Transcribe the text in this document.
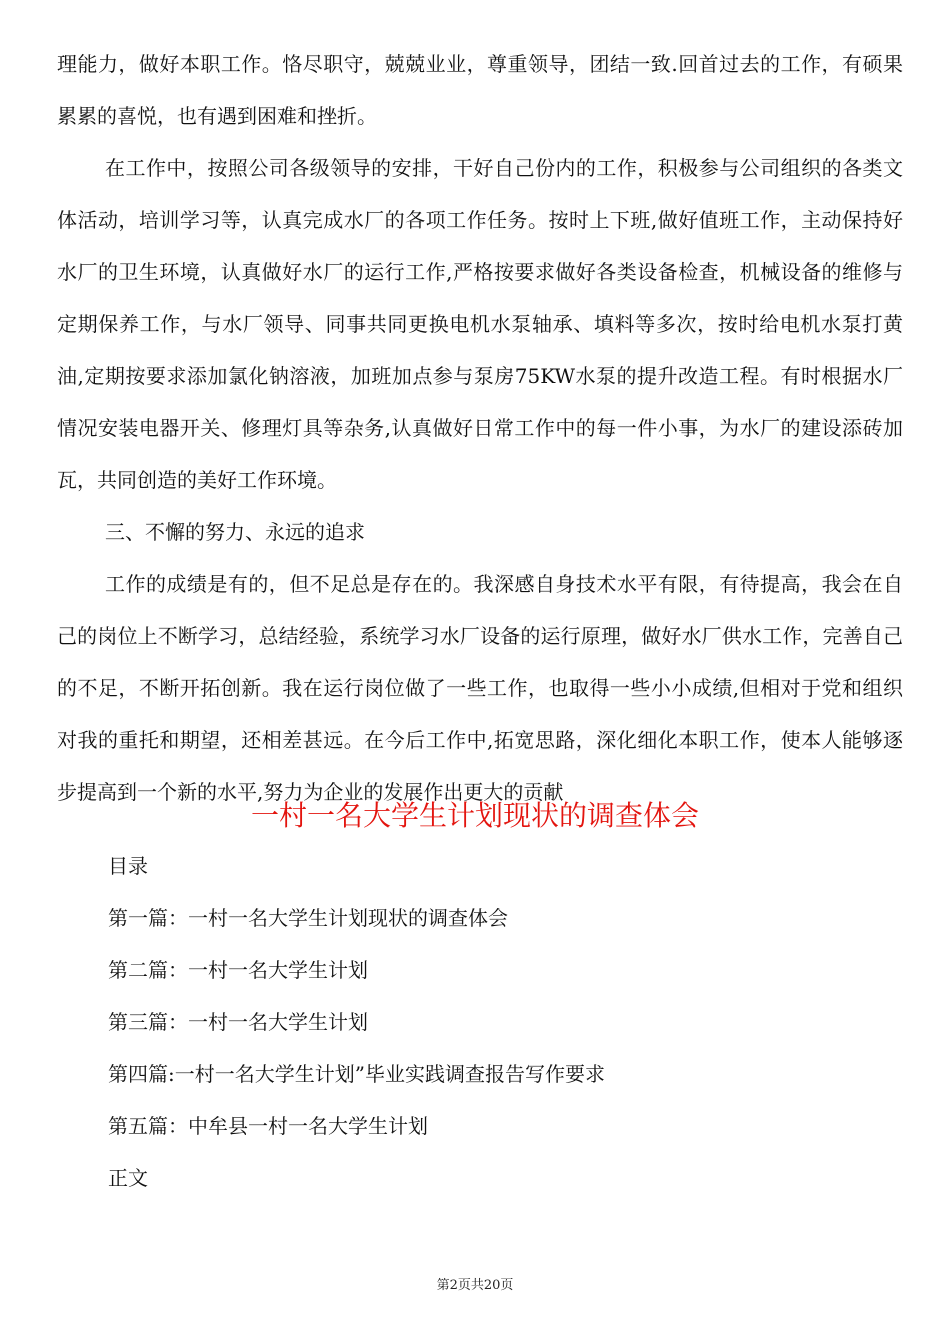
理能力，做好本职工作。恪尽职守，兢兢业业，尊重领导，团结一致.回首过去的工作，有硕果累累的喜悦，也有遇到困难和挫折。

在工作中，按照公司各级领导的安排，干好自己份内的工作，积极参与公司组织的各类文体活动，培训学习等，认真完成水厂的各项工作任务。按时上下班,做好值班工作，主动保持好水厂的卫生环境，认真做好水厂的运行工作,严格按要求做好各类设备检查，机械设备的维修与定期保养工作，与水厂领导、同事共同更换电机水泵轴承、填料等多次，按时给电机水泵打黄油,定期按要求添加氯化钠溶液，加班加点参与泵房75KW水泵的提升改造工程。有时根据水厂情况安装电器开关、修理灯具等杂务,认真做好日常工作中的每一件小事，为水厂的建设添砖加瓦，共同创造的美好工作环境。

三、不懈的努力、永远的追求

工作的成绩是有的，但不足总是存在的。我深感自身技术水平有限，有待提高，我会在自己的岗位上不断学习，总结经验，系统学习水厂设备的运行原理，做好水厂供水工作，完善自己的不足，不断开拓创新。我在运行岗位做了一些工作，也取得一些小小成绩,但相对于党和组织对我的重托和期望，还相差甚远。在今后工作中,拓宽思路，深化细化本职工作，使本人能够逐步提高到一个新的水平,努力为企业的发展作出更大的贡献

一村一名大学生计划现状的调查体会

目录

第一篇：一村一名大学生计划现状的调查体会

第二篇：一村一名大学生计划

第三篇：一村一名大学生计划

第四篇:一村一名大学生计划”毕业实践调查报告写作要求

第五篇：中牟县一村一名大学生计划

正文

第2页共20页
